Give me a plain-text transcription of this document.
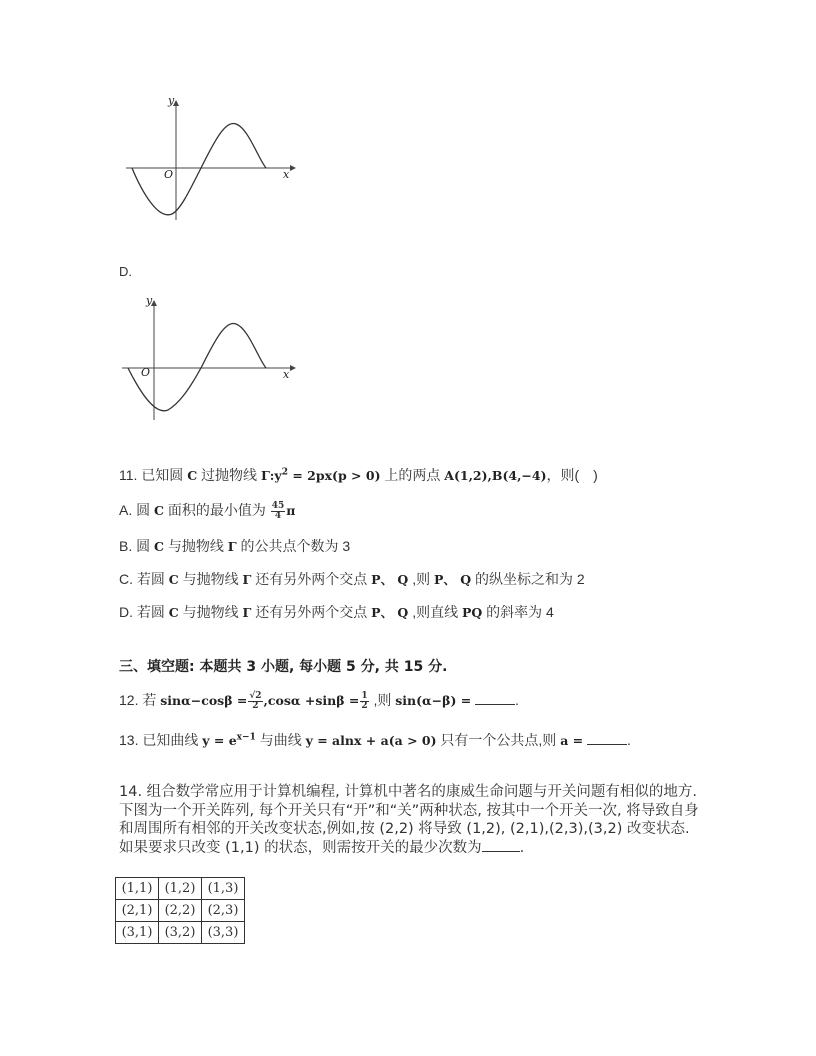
y
x
O
D.
y
x
O
11. 已知圆 C 过抛物线 $\Gamma:y^2 = 2px(p > 0)$ 上的两点 A(1,2),B(4,−4)，则(　)
A. 圆 C 面积的最小值为 $\frac{45}{4}$ π
B. 圆 C 与抛物线 Γ 的公共点个数为 3
C. 若圆 C 与抛物线 Γ 还有另外两个交点 P、 Q ,则 P、 Q 的纵坐标之和为 2
D. 若圆 C 与抛物线 Γ 还有另外两个交点 P、 Q ,则直线 PQ 的斜率为 4
三、填空题: 本题共 3 小题, 每小题 5 分, 共 15 分.
12. 若 $\sin\alpha-\cos\beta = \frac{√2}{2} ,\cos\alpha +\sin\beta = \frac{1}{2}$ ,则 sin(α−β) =	.
13. 已知曲线 $y = e^{x-1}$ 与曲线 y = alnx + a(a > 0) 只有一个公共点,则 a =	.
14. 组合数学常应用于计算机编程, 计算机中著名的康威生命问题与开关问题有相似的地方. 下图为一个开关阵列, 每个开关只有“开”和“关”两种状态, 按其中一个开关一次, 将导致自身和周围所有相邻的开关改变状态,例如,按 (2,2) 将导致 (1,2), (2,1),(2,3),(3,2) 改变状态. 如果要求只改变 (1,1) 的状态，则需按开关的最少次数为	.
(1,1)	(1,2)	(1,3)
(2,1)	(2,2)	(2,3)
(3,1)	(3,2)	(3,3)
